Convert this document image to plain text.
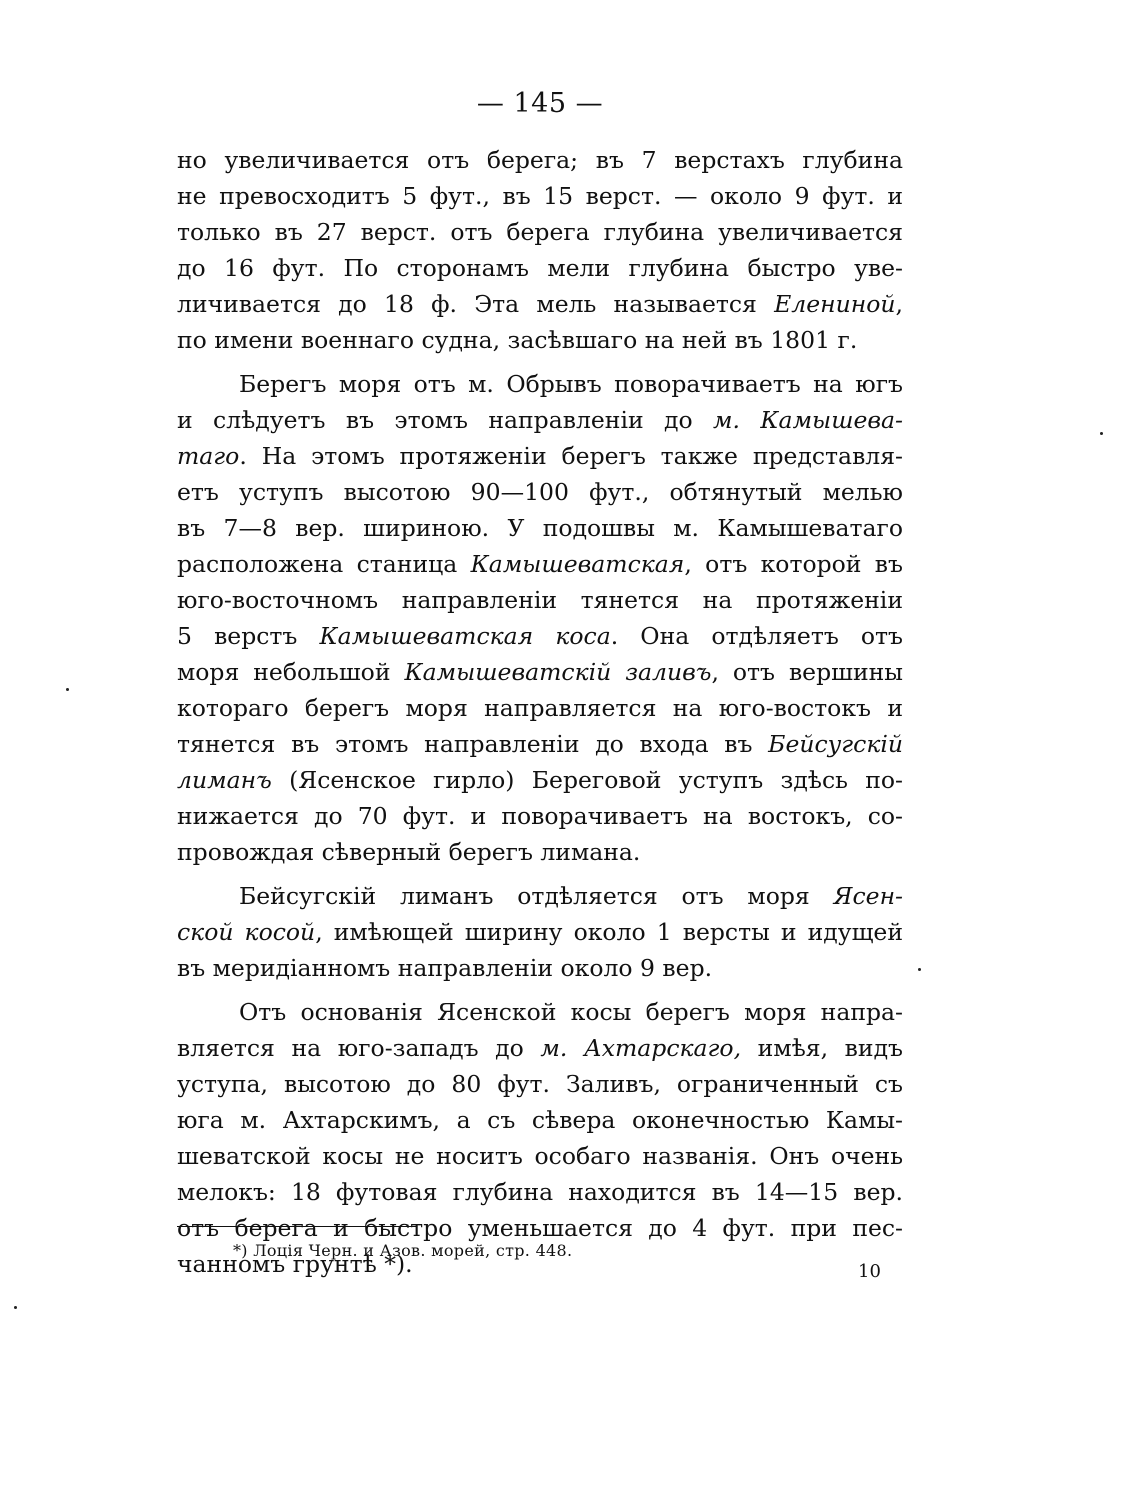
— 145 —
но увеличивается отъ берега; въ 7 верстахъ глубина
не превосходитъ 5 фут., въ 15 верст. — около 9 фут. и
только въ 27 верст. отъ берега глубина увеличивается
до 16 фут. По сторонамъ мели глубина быстро уве-
личивается до 18 ф. Эта мель называется Елениной,
по имени военнаго судна, засѣвшаго на ней въ 1801 г.
Берегъ моря отъ м. Обрывъ поворачиваетъ на югъ
и слѣдуетъ въ этомъ направленіи до м. Камышева-
таго. На этомъ протяженіи берегъ также представля-
етъ уступъ высотою 90—100 фут., обтянутый мелью
въ 7—8 вер. шириною. У подошвы м. Камышеватаго
расположена станица Камышеватская, отъ которой въ
юго-восточномъ направленіи тянется на протяженіи
5 верстъ Камышеватская коса. Она отдѣляетъ отъ
моря небольшой Камышеватскій заливъ, отъ вершины
котораго берегъ моря направляется на юго-востокъ и
тянется въ этомъ направленіи до входа въ Бейсугскій
лиманъ (Ясенское гирло) Береговой уступъ здѣсь по-
нижается до 70 фут. и поворачиваетъ на востокъ, со-
провождая сѣверный берегъ лимана.
Бейсугскій лиманъ отдѣляется отъ моря Ясен-
ской косой, имѣющей ширину около 1 версты и идущей
въ меридіанномъ направленіи около 9 вер.
Отъ основанія Ясенской косы берегъ моря напра-
вляется на юго-западъ до м. Ахтарскаго, имѣя, видъ
уступа, высотою до 80 фут. Заливъ, ограниченный съ
юга м. Ахтарскимъ, а съ сѣвера оконечностью Камы-
шеватской косы не носитъ особаго названія. Онъ очень
мелокъ: 18 футовая глубина находится въ 14—15 вер.
отъ берега и быстро уменьшается до 4 фут. при пес-
чанномъ грунтѣ *).
*) Лоція Черн. и Азов. морей, стр. 448.
10
